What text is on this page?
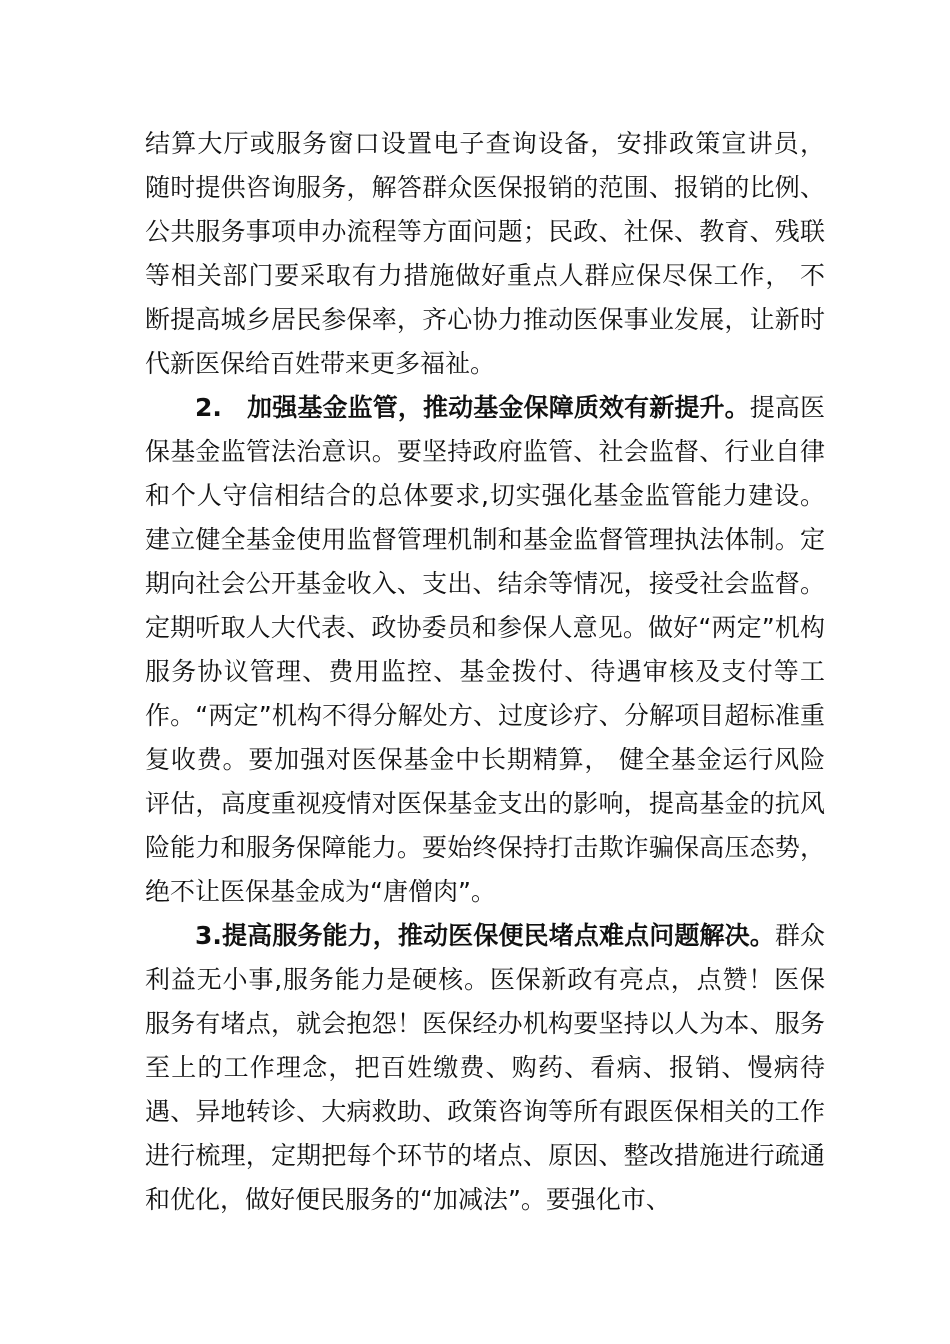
结算大厅或服务窗口设置电子查询设备，安排政策宣讲员， 随时提供咨询服务，解答群众医保报销的范围、报销的比例、公共服务事项申办流程等方面问题；民政、社保、教育、残联等相关部门要采取有力措施做好重点人群应保尽保工作， 不断提高城乡居民参保率，齐心协力推动医保事业发展，让新时代新医保给百姓带来更多福祉。

2.　加强基金监管，推动基金保障质效有新提升。提高医保基金监管法治意识。要坚持政府监管、社会监督、行业自律和个人守信相结合的总体要求,切实强化基金监管能力建设。建立健全基金使用监督管理机制和基金监督管理执法体制。定期向社会公开基金收入、支出、结余等情况，接受社会监督。定期听取人大代表、政协委员和参保人意见。做好“两定”机构服务协议管理、费用监控、基金拨付、待遇审核及支付等工作。“两定”机构不得分解处方、过度诊疗、分解项目超标准重复收费。要加强对医保基金中长期精算， 健全基金运行风险评估，高度重视疫情对医保基金支出的影响，提高基金的抗风险能力和服务保障能力。要始终保持打击欺诈骗保高压态势，绝不让医保基金成为“唐僧肉”。

3.提高服务能力，推动医保便民堵点难点问题解决。群众利益无小事,服务能力是硬核。医保新政有亮点，点赞！医保服务有堵点，就会抱怨！医保经办机构要坚持以人为本、服务至上的工作理念，把百姓缴费、购药、看病、报销、慢病待遇、异地转诊、大病救助、政策咨询等所有跟医保相关的工作进行梳理，定期把每个环节的堵点、原因、整改措施进行疏通和优化，做好便民服务的“加减法”。要强化市、
